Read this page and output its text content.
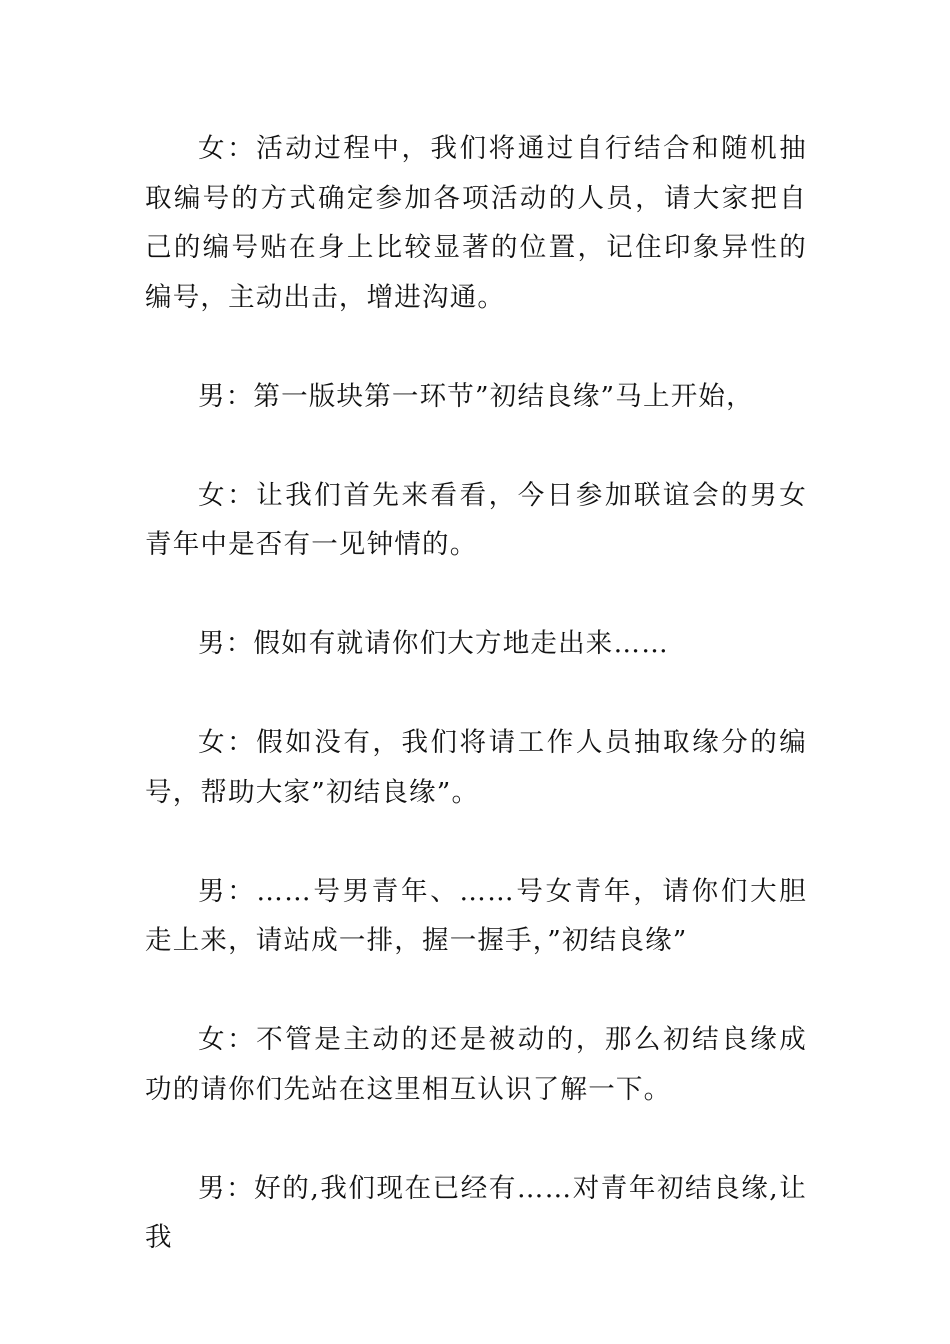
女：活动过程中，我们将通过自行结合和随机抽取编号的方式确定参加各项活动的人员，请大家把自己的编号贴在身上比较显著的位置，记住印象异性的编号，主动出击，增进沟通。

男：第一版块第一环节”初结良缘”马上开始，

女：让我们首先来看看，今日参加联谊会的男女青年中是否有一见钟情的。

男：假如有就请你们大方地走出来……

女：假如没有，我们将请工作人员抽取缘分的编号，帮助大家”初结良缘”。

男：……号男青年、……号女青年，请你们大胆走上来，请站成一排，握一握手，”初结良缘”

女：不管是主动的还是被动的，那么初结良缘成功的请你们先站在这里相互认识了解一下。

男：好的,我们现在已经有……对青年初结良缘,让我
